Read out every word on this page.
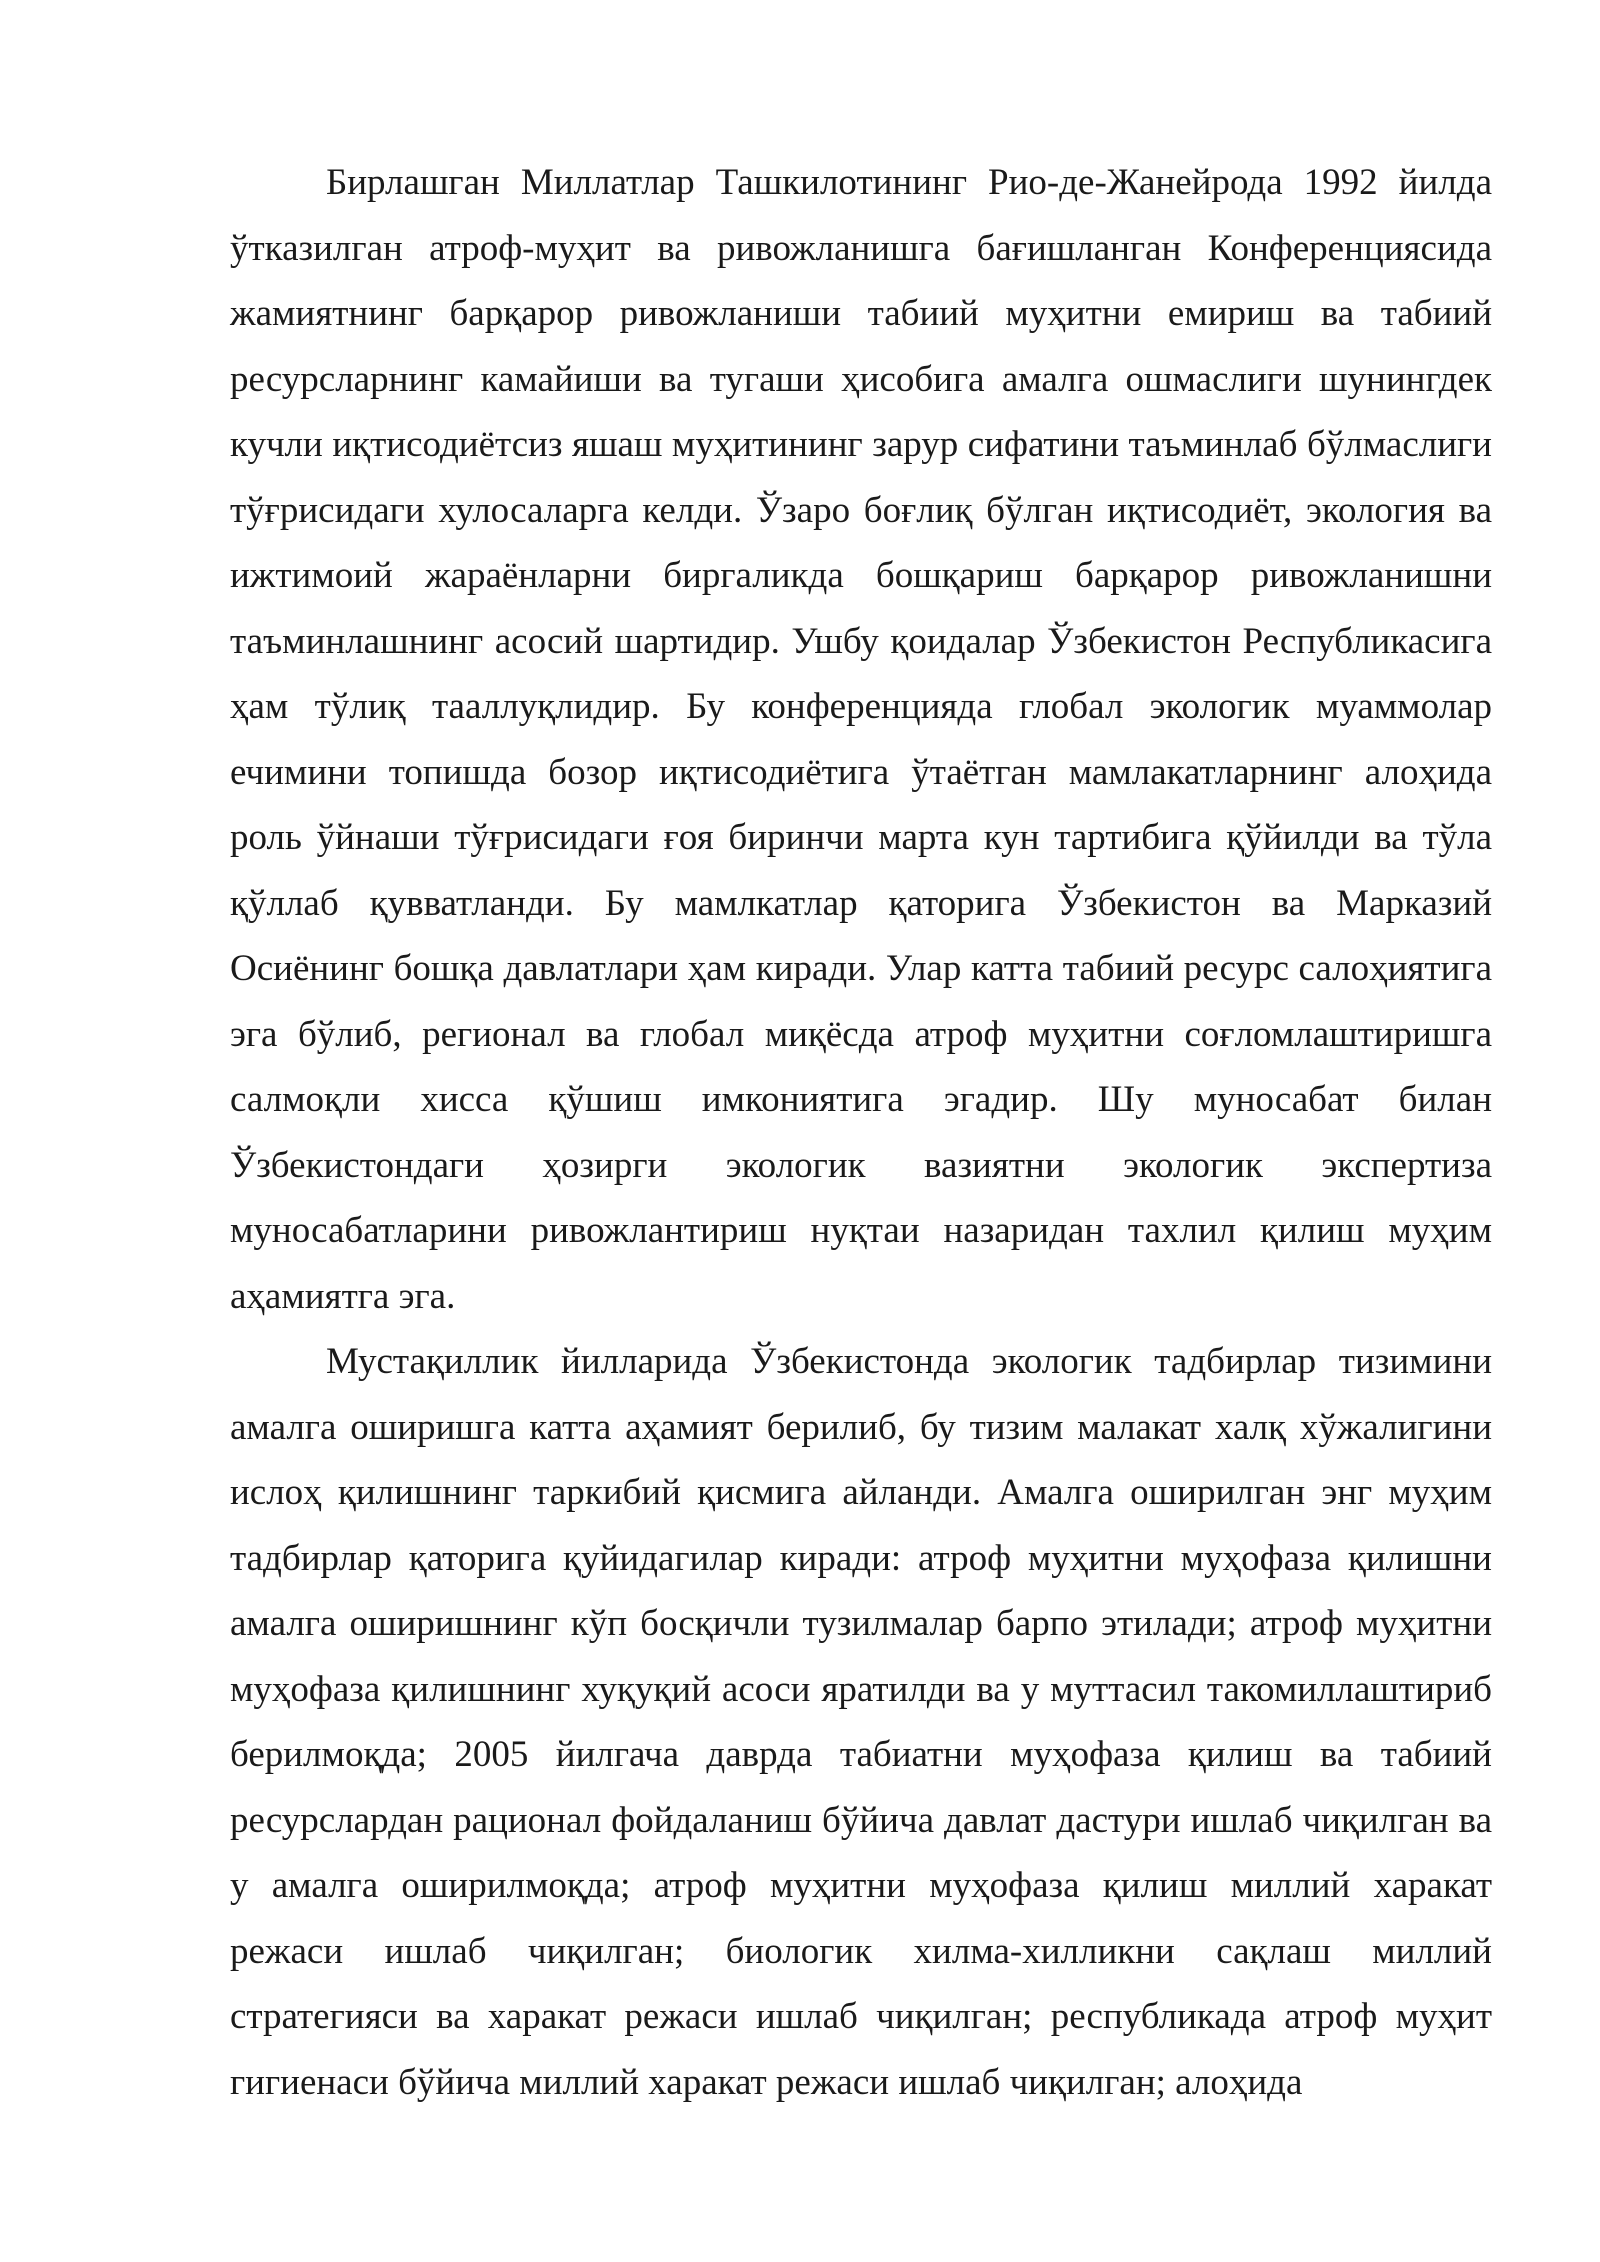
Бирлашган Миллатлар Ташкилотининг Рио-де-Жанейрода 1992 йилда ўтказилган атроф-муҳит ва ривожланишга бағишланган Конференциясида жамиятнинг барқарор ривожланиши табиий муҳитни емириш ва табиий ресурсларнинг камайиши ва тугаши ҳисобига амалга ошмаслиги шунингдек кучли иқтисодиётсиз яшаш муҳитининг зарур сифатини таъминлаб бўлмаслиги тўғрисидаги хулосаларга келди. Ўзаро боғлиқ бўлган иқтисодиёт, экология ва ижтимоий жараёнларни биргаликда бошқариш барқарор ривожланишни таъминлашнинг асосий шартидир. Ушбу қоидалар Ўзбекистон Республикасига ҳам тўлиқ тааллуқлидир. Бу конференцияда глобал экологик муаммолар ечимини топишда бозор иқтисодиётига ўтаётган мамлакатларнинг алоҳида роль ўйнаши тўғрисидаги ғоя биринчи марта кун тартибига қўйилди ва тўла қўллаб қувватланди. Бу мамлкатлар қаторига Ўзбекистон ва Марказий Осиёнинг бошқа давлатлари ҳам киради. Улар катта табиий ресурс салоҳиятига эга бўлиб, регионал ва глобал миқёсда атроф муҳитни соғломлаштиришга салмоқли хисса қўшиш имкониятига эгадир. Шу муносабат билан Ўзбекистондаги ҳозирги экологик вазиятни экологик экспертиза муносабатларини ривожлантириш нуқтаи назаридан тахлил қилиш муҳим аҳамиятга эга.

Мустақиллик йилларида Ўзбекистонда экологик тадбирлар тизимини амалга оширишга катта аҳамият берилиб, бу тизим малакат халқ хўжалигини ислоҳ қилишнинг таркибий қисмига айланди. Амалга оширилган энг муҳим тадбирлар қаторига қуйидагилар киради: атроф муҳитни муҳофаза қилишни амалга оширишнинг кўп босқичли тузилмалар барпо этилади; атроф муҳитни муҳофаза қилишнинг хуқуқий асоси яратилди ва у муттасил такомиллаштириб берилмоқда; 2005 йилгача даврда табиатни муҳофаза қилиш ва табиий ресурслардан рационал фойдаланиш бўйича давлат дастури ишлаб чиқилган ва у амалга оширилмоқда; атроф муҳитни муҳофаза қилиш миллий харакат режаси ишлаб чиқилган; биологик хилма-хилликни сақлаш миллий стратегияси ва харакат режаси ишлаб чиқилган; республикада атроф муҳит гигиенаси бўйича миллий харакат режаси ишлаб чиқилган; алоҳида
